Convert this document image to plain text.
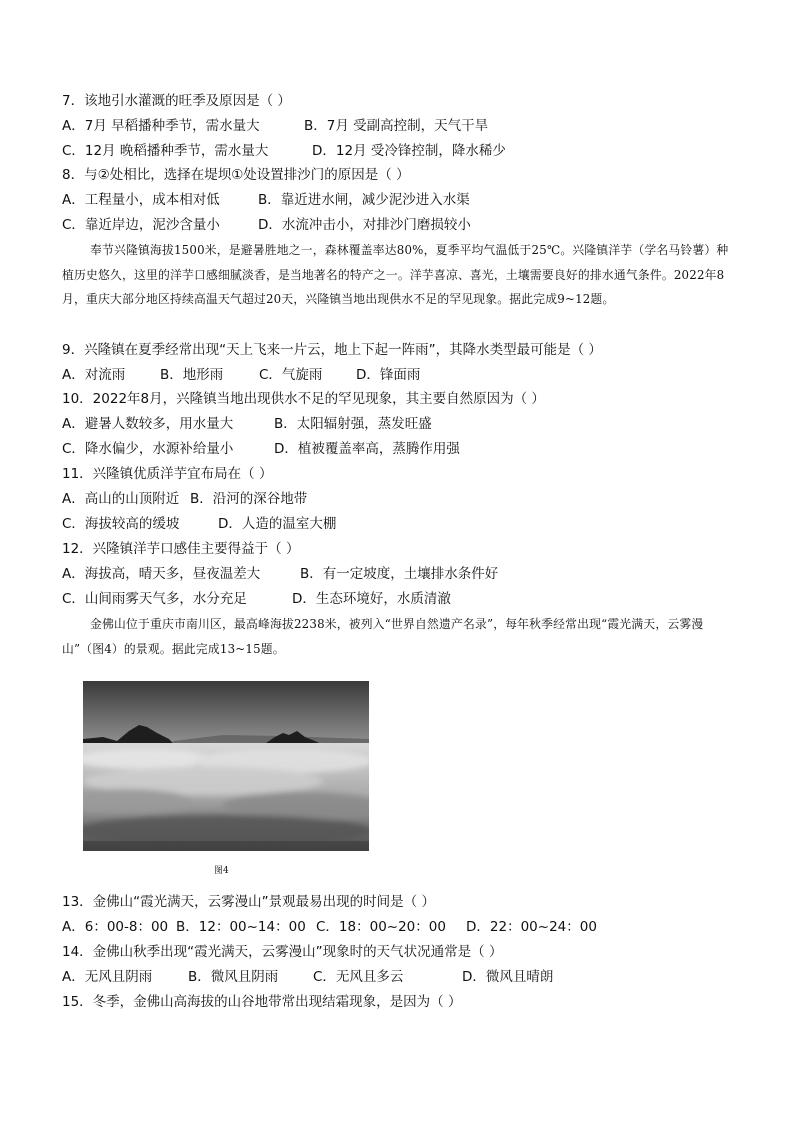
7．该地引水灌溉的旺季及原因是（ ）
A．7月 早稻播种季节，需水量大	B．7月 受副高控制，天气干旱
C．12月 晚稻播种季节，需水量大	D．12月 受冷锋控制，降水稀少
8．与②处相比，选择在堤坝①处设置排沙门的原因是（ ）
A．工程量小，成本相对低	B．靠近进水闸，减少泥沙进入水渠
C．靠近岸边，泥沙含量小	D．水流冲击小，对排沙门磨损较小

奉节兴隆镇海拔1500米，是避暑胜地之一，森林覆盖率达80%，夏季平均气温低于25℃。兴隆镇洋芋（学名马铃薯）种植历史悠久，这里的洋芋口感细腻淡香，是当地著名的特产之一。洋芋喜凉、喜光，土壤需要良好的排水通气条件。2022年8月，重庆大部分地区持续高温天气超过20天，兴隆镇当地出现供水不足的罕见现象。据此完成9~12题。

9．兴隆镇在夏季经常出现“天上飞来一片云，地上下起一阵雨”，其降水类型最可能是（ ）
A．对流雨	B．地形雨	C．气旋雨 D．锋面雨
10．2022年8月，兴隆镇当地出现供水不足的罕见现象，其主要自然原因为（ ）
A．避暑人数较多，用水量大	B．太阳辐射强，蒸发旺盛
C．降水偏少，水源补给量小	D．植被覆盖率高，蒸腾作用强
11．兴隆镇优质洋芋宜布局在（ ）
A．高山的山顶附近 B．沿河的深谷地带
C．海拔较高的缓坡	D．人造的温室大棚
12．兴隆镇洋芋口感佳主要得益于（ ）
A．海拔高，晴天多，昼夜温差大	B．有一定坡度，土壤排水条件好
C．山间雨雾天气多，水分充足	D．生态环境好，水质清澈

金佛山位于重庆市南川区，最高峰海拔2238米，被列入“世界自然遗产名录”，每年秋季经常出现“霞光满天，云雾漫山”（图4）的景观。据此完成13~15题。

图4
13．金佛山“霞光满天，云雾漫山”景观最易出现的时间是（ ）
A．6：00-8：00 B．12：00~14：00 C．18：00~20：00 D．22：00~24：00
14．金佛山秋季出现“霞光满天，云雾漫山”现象时的天气状况通常是（ ）
A．无风且阴雨	B．微风且阴雨	C．无风且多云	D．微风且晴朗
15．冬季，金佛山高海拔的山谷地带常出现结霜现象，是因为（ ）
